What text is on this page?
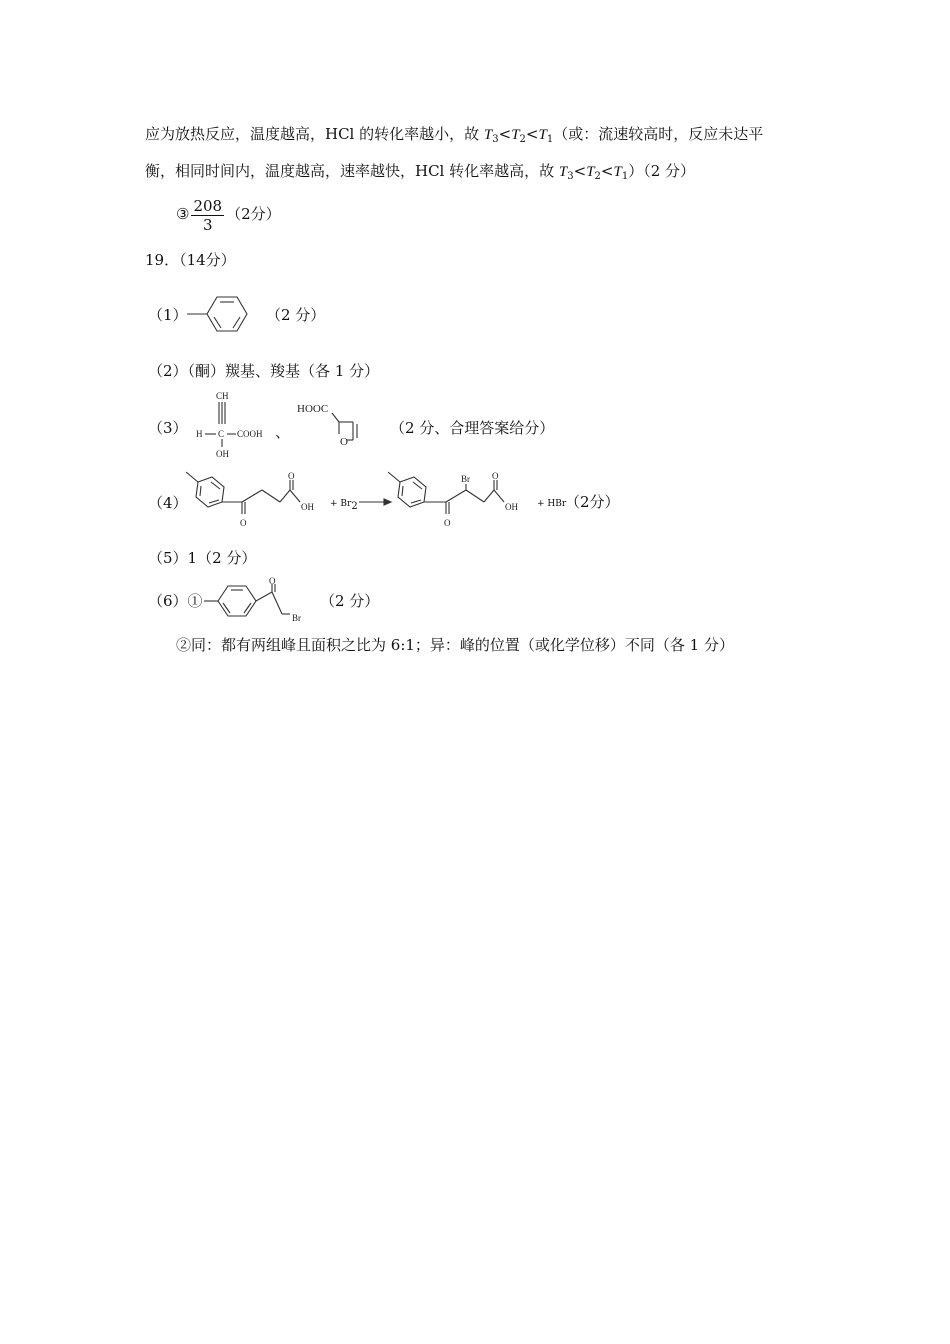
应为放热反应，温度越高，HCl 的转化率越小，故 $T_3<T_2<T_1$（或：流速较高时，反应未达平
衡，相同时间内，温度越高，速率越快，HCl 转化率越高，故 $T_3<T_2<T_1)(2$ 分）
③ $\frac{208}{3} (2$分）
19．（14分）
（1）	（2 分）
（2）（酮）羰基、羧基（各 1 分）
（3）
CH
H C COOH
OH
、
HOOC
O
（2 分、合理答案给分）
（4）
O
O
OH + $Br_2$ →
O
Br O
OH + HBr
（2分）
（5）1（2 分）
（6）①
O
Br
（2 分）
②同：都有两组峰且面积之比为 6:1；异：峰的位置（或化学位移）不同（各 1 分）
